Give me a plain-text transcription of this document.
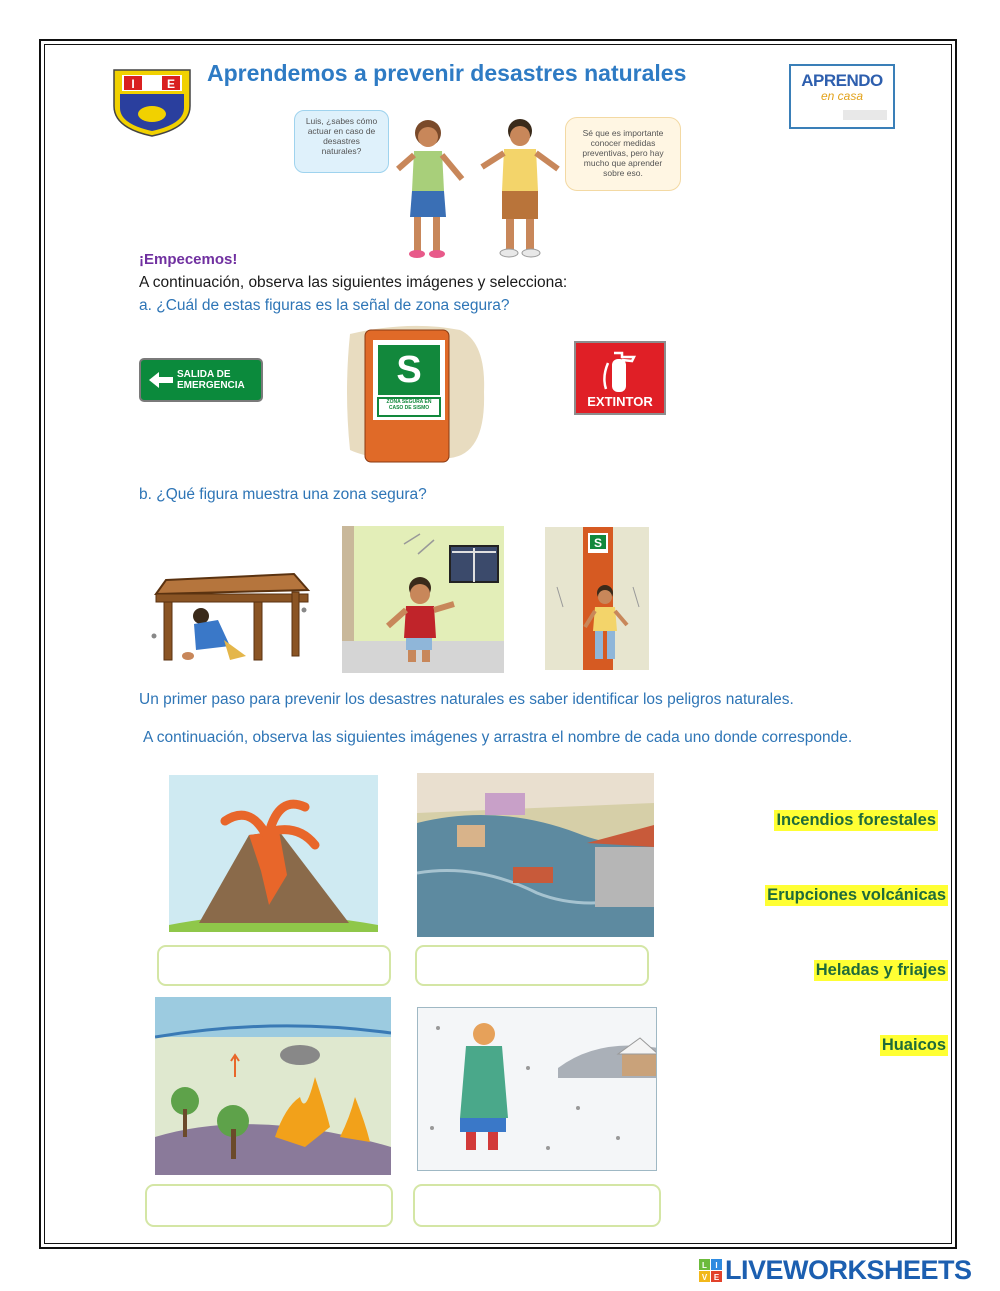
I	E Aprendemos a prevenir desastres naturales	APRENDO
en casa
Luis, ¿sabes cómo actuar en caso de desastres naturales?
Sé que es importante conocer medidas preventivas, pero hay mucho que aprender sobre eso.
¡Empecemos!
A continuación, observa las siguientes imágenes y selecciona:
a. ¿Cuál de estas figuras es la señal de zona segura?
SALIDA DE
EMERGENCIA	S
ZONA SEGURA EN CASO DE SISMO	EXTINTOR
b. ¿Qué figura muestra una zona segura?
S
Un primer paso para prevenir los desastres naturales es saber identificar los peligros naturales.
A continuación, observa las siguientes imágenes y arrastra el nombre de cada uno donde corresponde.
Incendios forestales
Erupciones volcánicas
Heladas y friajes
Huaicos
L I
V E LIVEWORKSHEETS
